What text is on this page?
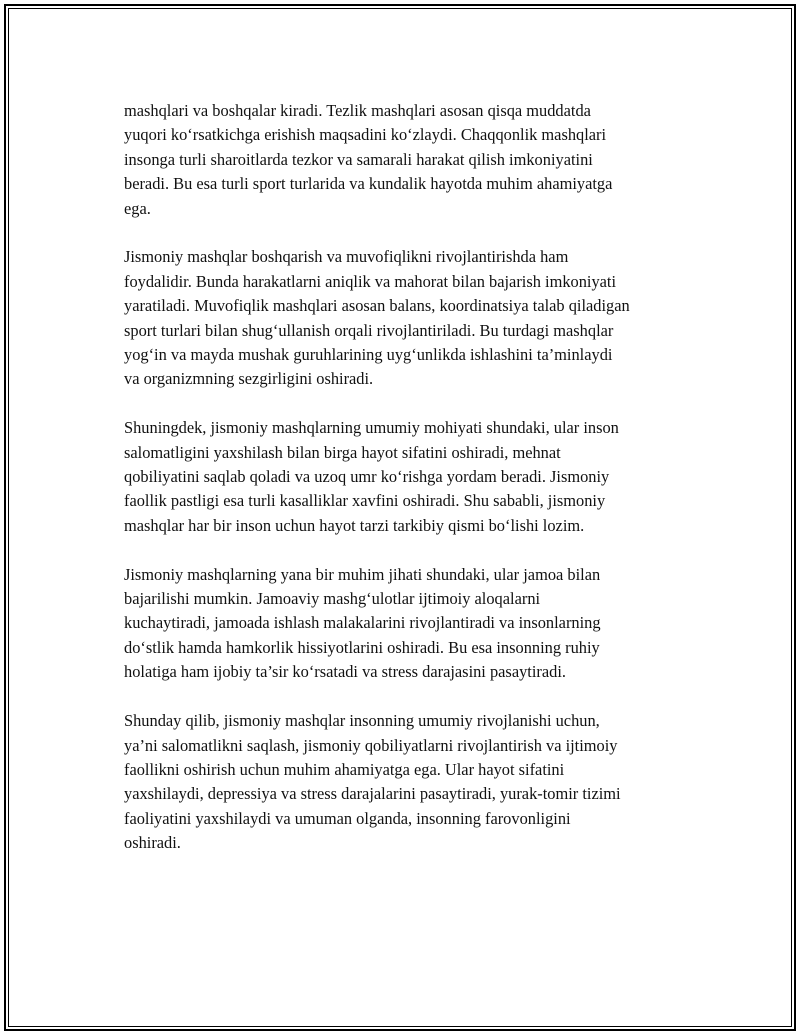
mashqlari va boshqalar kiradi. Tezlik mashqlari asosan qisqa muddatda
yuqori ko‘rsatkichga erishish maqsadini ko‘zlaydi. Chaqqonlik mashqlari
insonga turli sharoitlarda tezkor va samarali harakat qilish imkoniyatini
beradi. Bu esa turli sport turlarida va kundalik hayotda muhim ahamiyatga
ega.

Jismoniy mashqlar boshqarish va muvofiqlikni rivojlantirishda ham
foydalidir. Bunda harakatlarni aniqlik va mahorat bilan bajarish imkoniyati
yaratiladi. Muvofiqlik mashqlari asosan balans, koordinatsiya talab qiladigan
sport turlari bilan shug‘ullanish orqali rivojlantiriladi. Bu turdagi mashqlar
yog‘in va mayda mushak guruhlarining uyg‘unlikda ishlashini ta’minlaydi
va organizmning sezgirligini oshiradi.

Shuningdek, jismoniy mashqlarning umumiy mohiyati shundaki, ular inson
salomatligini yaxshilash bilan birga hayot sifatini oshiradi, mehnat
qobiliyatini saqlab qoladi va uzoq umr ko‘rishga yordam beradi. Jismoniy
faollik pastligi esa turli kasalliklar xavfini oshiradi. Shu sababli, jismoniy
mashqlar har bir inson uchun hayot tarzi tarkibiy qismi bo‘lishi lozim.

Jismoniy mashqlarning yana bir muhim jihati shundaki, ular jamoa bilan
bajarilishi mumkin. Jamoaviy mashg‘ulotlar ijtimoiy aloqalarni
kuchaytiradi, jamoada ishlash malakalarini rivojlantiradi va insonlarning
do‘stlik hamda hamkorlik hissiyotlarini oshiradi. Bu esa insonning ruhiy
holatiga ham ijobiy ta’sir ko‘rsatadi va stress darajasini pasaytiradi.

Shunday qilib, jismoniy mashqlar insonning umumiy rivojlanishi uchun,
ya’ni salomatlikni saqlash, jismoniy qobiliyatlarni rivojlantirish va ijtimoiy
faollikni oshirish uchun muhim ahamiyatga ega. Ular hayot sifatini
yaxshilaydi, depressiya va stress darajalarini pasaytiradi, yurak-tomir tizimi
faoliyatini yaxshilaydi va umuman olganda, insonning farovonligini
oshiradi.
